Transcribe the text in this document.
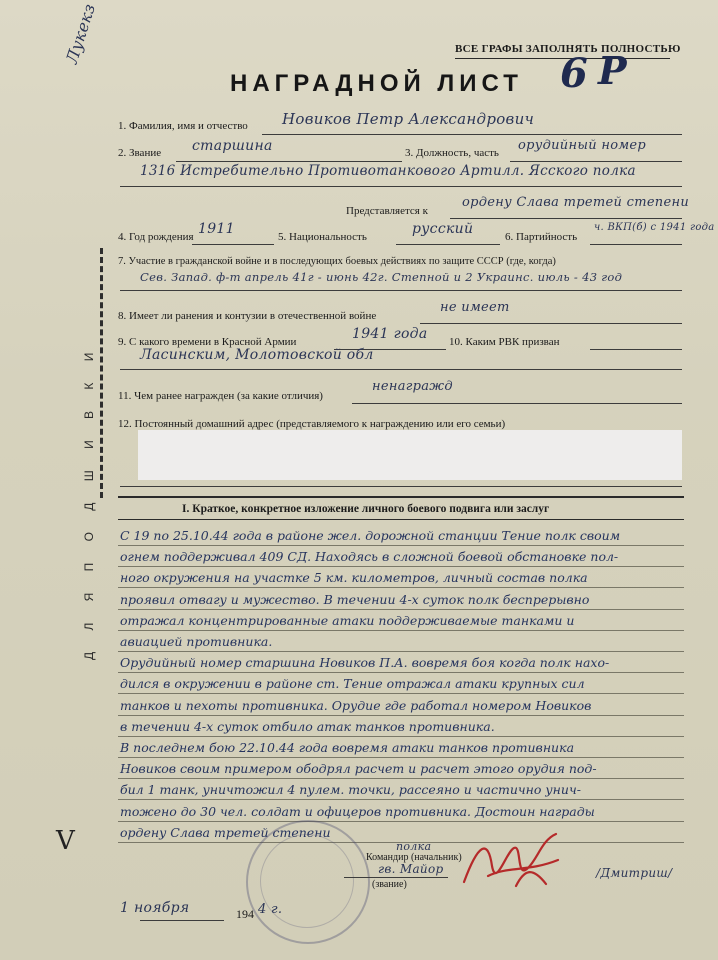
ВСЕ ГРАФЫ ЗАПОЛНЯТЬ ПОЛНОСТЬЮ
Лукекз
НАГРАДНОЙ ЛИСТ 6 Р
1. Фамилия, имя и отчество Новиков Петр Александрович
2. Звание старшина	3. Должность, часть орудийный номер
1316 Истребительно Противотанкового Артилл. Ясского полка
Представляется к
ордену Слава третей степени
4. Год рождения 1911	5. Национальность	русский	6. Партийность
ч. ВКП(б) с 1941 года
7. Участие в гражданской войне и в последующих боевых действиях по защите СССР (где, когда)
Сев. Запад. ф-т апрель 41г - июнь 42г. Степной и 2 Украинс. июль - 43 год
8. Имеет ли ранения и контузии в отечественной войне
не имеет
9. С какого времени в Красной Армии	1941 года 10. Каким РВК призван
Ласинским, Молотовской обл
11. Чем ранее награжден (за какие отличия)
ненагражд
12. Постоянный домашний адрес (представляемого к награждению или его семьи)
Д Л Я П О Д Ш И В К И	I. Краткое, конкретное изложение личного боевого подвига или заслуг
С 19 по 25.10.44 года в районе жел. дорожной станции Тение полк своим
огнем поддерживал 409 СД. Находясь в сложной боевой обстановке пол-
ного окружения на участке 5 км. километров, личный состав полка
проявил отвагу и мужество. В течении 4-х суток полк беспрерывно
отражал концентрированные атаки поддерживаемые танками и
авиацией противника.
Орудийный номер старшина Новиков П.А. вовремя боя когда полк нахо-
дился в окружении в районе ст. Тение отражал атаки крупных сил
танков и пехоты противника. Орудие где работал номером Новиков
в течении 4-х суток отбило атак танков противника.
В последнем бою 22.10.44 года вовремя атаки танков противника
Новиков своим примером ободрял расчет и расчет этого орудия под-
бил 1 танк, уничтожил 4 пулем. точки, рассеяно и частично унич-
тожено до 30 чел. солдат и офицеров противника. Достоин награды
ордену Слава третей степени
полка
Командир (начальник)
гв. Майор
(звание)
/Дмитриш/
1 ноября	194 4 г.
V
